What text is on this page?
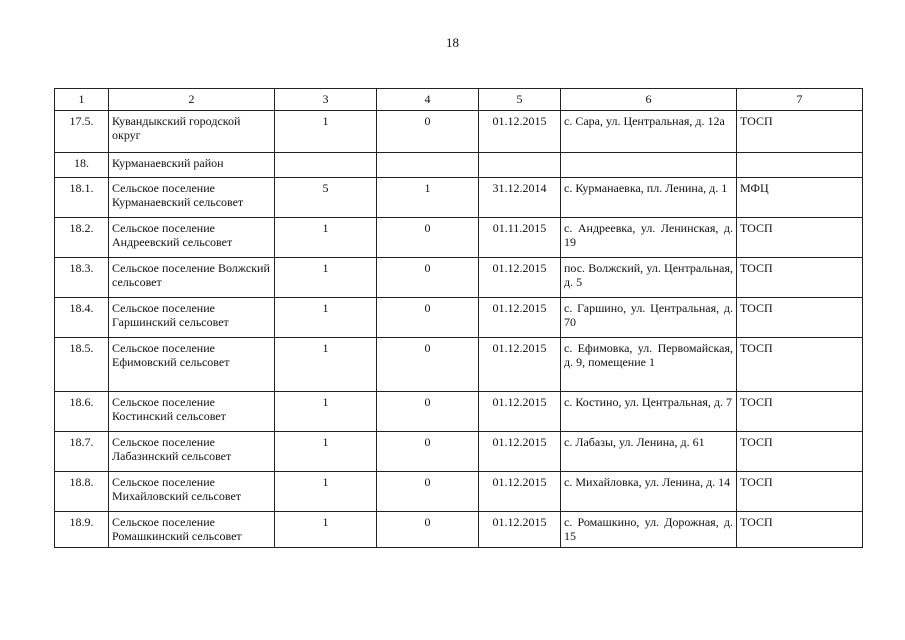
18
1	2	3	4	5	6	7
17.5.	Кувандыкский городской округ	1	0	01.12.2015	с. Сара, ул. Центральная, д. 12а	ТОСП
18.	Курманаевский район					
18.1.	Сельское поселение Курманаевский сельсовет	5	1	31.12.2014	с. Курманаевка, пл. Ленина, д. 1	МФЦ
18.2.	Сельское поселение Андреевский сельсовет	1	0	01.11.2015	с. Андреевка, ул. Ленинская, д. 19	ТОСП
18.3.	Сельское поселение Волжский сельсовет	1	0	01.12.2015	пос. Волжский, ул. Центральная, д. 5	ТОСП
18.4.	Сельское поселение Гаршинский сельсовет	1	0	01.12.2015	с. Гаршино, ул. Центральная, д. 70	ТОСП
18.5.	Сельское поселение Ефимовский сельсовет	1	0	01.12.2015	с. Ефимовка, ул. Первомайская, д. 9, помещение 1	ТОСП
18.6.	Сельское поселение Костинский сельсовет	1	0	01.12.2015	с. Костино, ул. Центральная, д. 7	ТОСП
18.7.	Сельское поселение Лабазинский сельсовет	1	0	01.12.2015	с. Лабазы, ул. Ленина, д. 61	ТОСП
18.8.	Сельское поселение Михайловский сельсовет	1	0	01.12.2015	с. Михайловка, ул. Ленина, д. 14	ТОСП
18.9.	Сельское поселение Ромашкинский сельсовет	1	0	01.12.2015	с. Ромашкино, ул. Дорожная, д. 15	ТОСП
